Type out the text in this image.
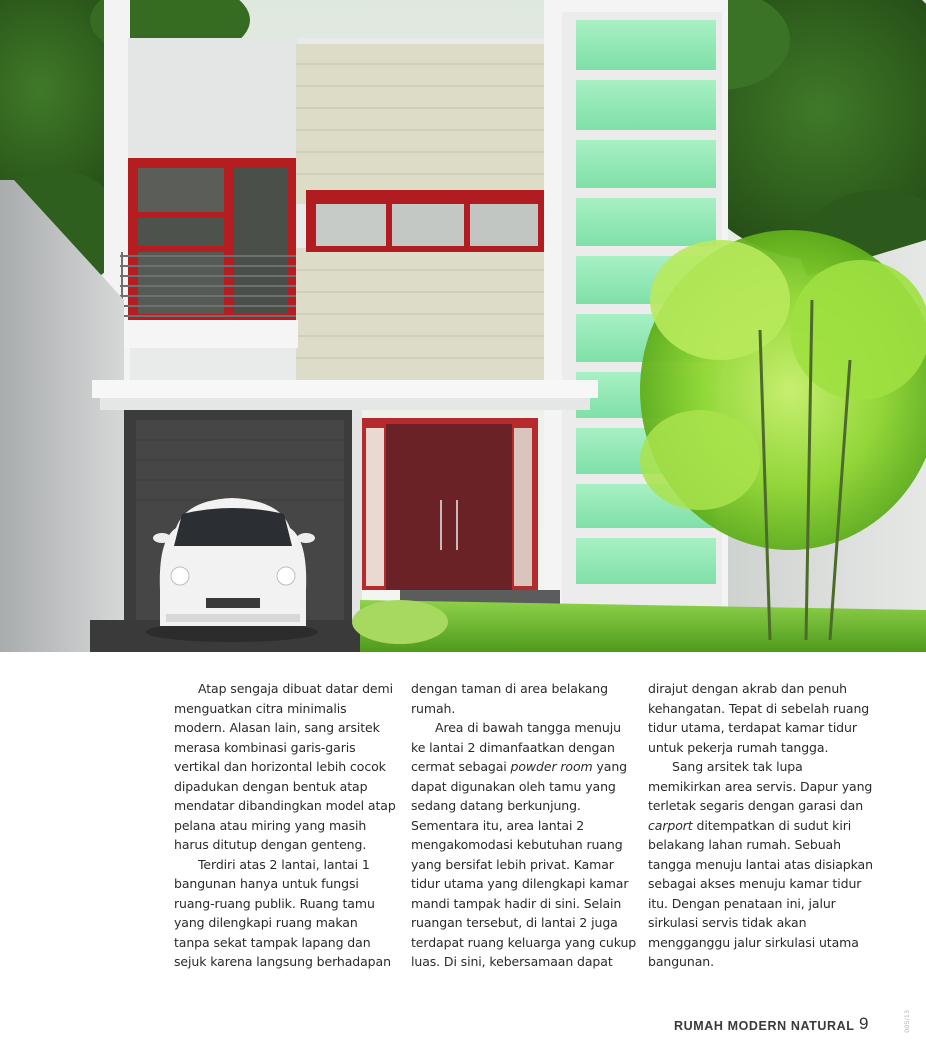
Atap sengaja dibuat datar demi menguatkan citra minimalis modern. Alasan lain, sang arsitek merasa kombinasi garis-garis vertikal dan horizontal lebih cocok dipadukan dengan bentuk atap mendatar dibandingkan model atap pelana atau miring yang masih harus ditutup dengan genteng.

Terdiri atas 2 lantai, lantai 1 bangunan hanya untuk fungsi ruang-ruang publik. Ruang tamu yang dilengkapi ruang makan tanpa sekat tampak lapang dan sejuk karena langsung berhadapan

dengan taman di area belakang rumah.

Area di bawah tangga menuju ke lantai 2 dimanfaatkan dengan cermat sebagai powder room yang dapat digunakan oleh tamu yang sedang datang berkunjung. Sementara itu, area lantai 2 mengakomodasi kebutuhan ruang yang bersifat lebih privat. Kamar tidur utama yang dilengkapi kamar mandi tampak hadir di sini. Selain ruangan tersebut, di lantai 2 juga terdapat ruang keluarga yang cukup luas. Di sini, kebersamaan dapat

dirajut dengan akrab dan penuh kehangatan. Tepat di sebelah ruang tidur utama, terdapat kamar tidur untuk pekerja rumah tangga.

Sang arsitek tak lupa memikirkan area servis. Dapur yang terletak segaris dengan garasi dan carport ditempatkan di sudut kiri belakang lahan rumah. Sebuah tangga menuju lantai atas disiapkan sebagai akses menuju kamar tidur itu. Dengan penataan ini, jalur sirkulasi servis tidak akan mengganggu jalur sirkulasi utama bangunan.

RUMAH MODERN NATURAL 9	005/13
